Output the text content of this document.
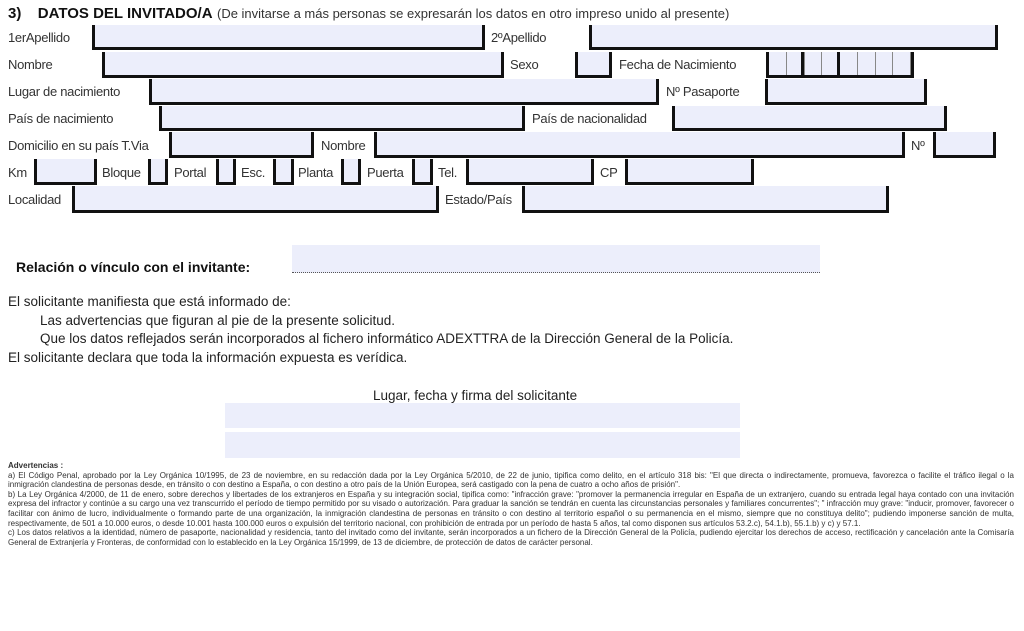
3) DATOS DEL INVITADO/A (De invitarse a más personas se expresarán los datos en otro impreso unido al presente)
1erApellido	2ºApellido
Nombre	Sexo	Fecha de Nacimiento
Lugar de nacimiento	Nº Pasaporte
País de nacimiento	País de nacionalidad
Domicilio en su país T.Via	Nombre	Nº
Km	Bloque	Portal	Esc.	Planta	Puerta	Tel.	CP
Localidad	Estado/País
Relación o vínculo con el invitante:
El solicitante manifiesta que está informado de:
Las advertencias que figuran al pie de la presente solicitud.
Que los datos reflejados serán incorporados al fichero informático ADEXTTRA de la Dirección General de la Policía.
El solicitante declara que toda la información expuesta es verídica.
Lugar, fecha y firma del solicitante
Advertencias :
a) El Código Penal, aprobado por la Ley Orgánica 10/1995, de 23 de noviembre, en su redacción dada por la Ley Orgánica 5/2010, de 22 de junio, tipifica como delito, en el artículo 318 bis: "El que directa o indirectamente, promueva, favorezca o facilite el tráfico ilegal o la inmigración clandestina de personas desde, en tránsito o con destino a España, o con destino a otro país de la Unión Europea, será castigado con la pena de cuatro a ocho años de prisión".
b) La Ley Orgánica 4/2000, de 11 de enero, sobre derechos y libertades de los extranjeros en España y su integración social, tipifica como: "infracción grave: "promover la permanencia irregular en España de un extranjero, cuando su entrada legal haya contado con una invitación expresa del infractor y continúe a su cargo una vez transcurrido el período de tiempo permitido por su visado o autorización. Para graduar la sanción se tendrán en cuenta las circunstancias personales y familiares concurrentes"; " infracción muy grave: "inducir, promover, favorecer o facilitar con ánimo de lucro, individualmente o formando parte de una organización, la inmigración clandestina de personas en tránsito o con destino al territorio español o su permanencia en el mismo, siempre que no constituya delito"; pudiendo imponerse sanción de multa, respectivamente, de 501 a 10.000 euros, o desde 10.001 hasta 100.000 euros o expulsión del territorio nacional, con prohibición de entrada por un período de hasta 5 años, tal como disponen sus artículos 53.2.c), 54.1.b), 55.1.b) y c) y 57.1.
c) Los datos relativos a la identidad, número de pasaporte, nacionalidad y residencia, tanto del invitado como del invitante, serán incorporados a un fichero de la Dirección General de la Policía, pudiendo ejercitar los derechos de acceso, rectificación y cancelación ante la Comisaría General de Extranjería y Fronteras, de conformidad con lo establecido en la Ley Orgánica 15/1999, de 13 de diciembre, de protección de datos de carácter personal.
